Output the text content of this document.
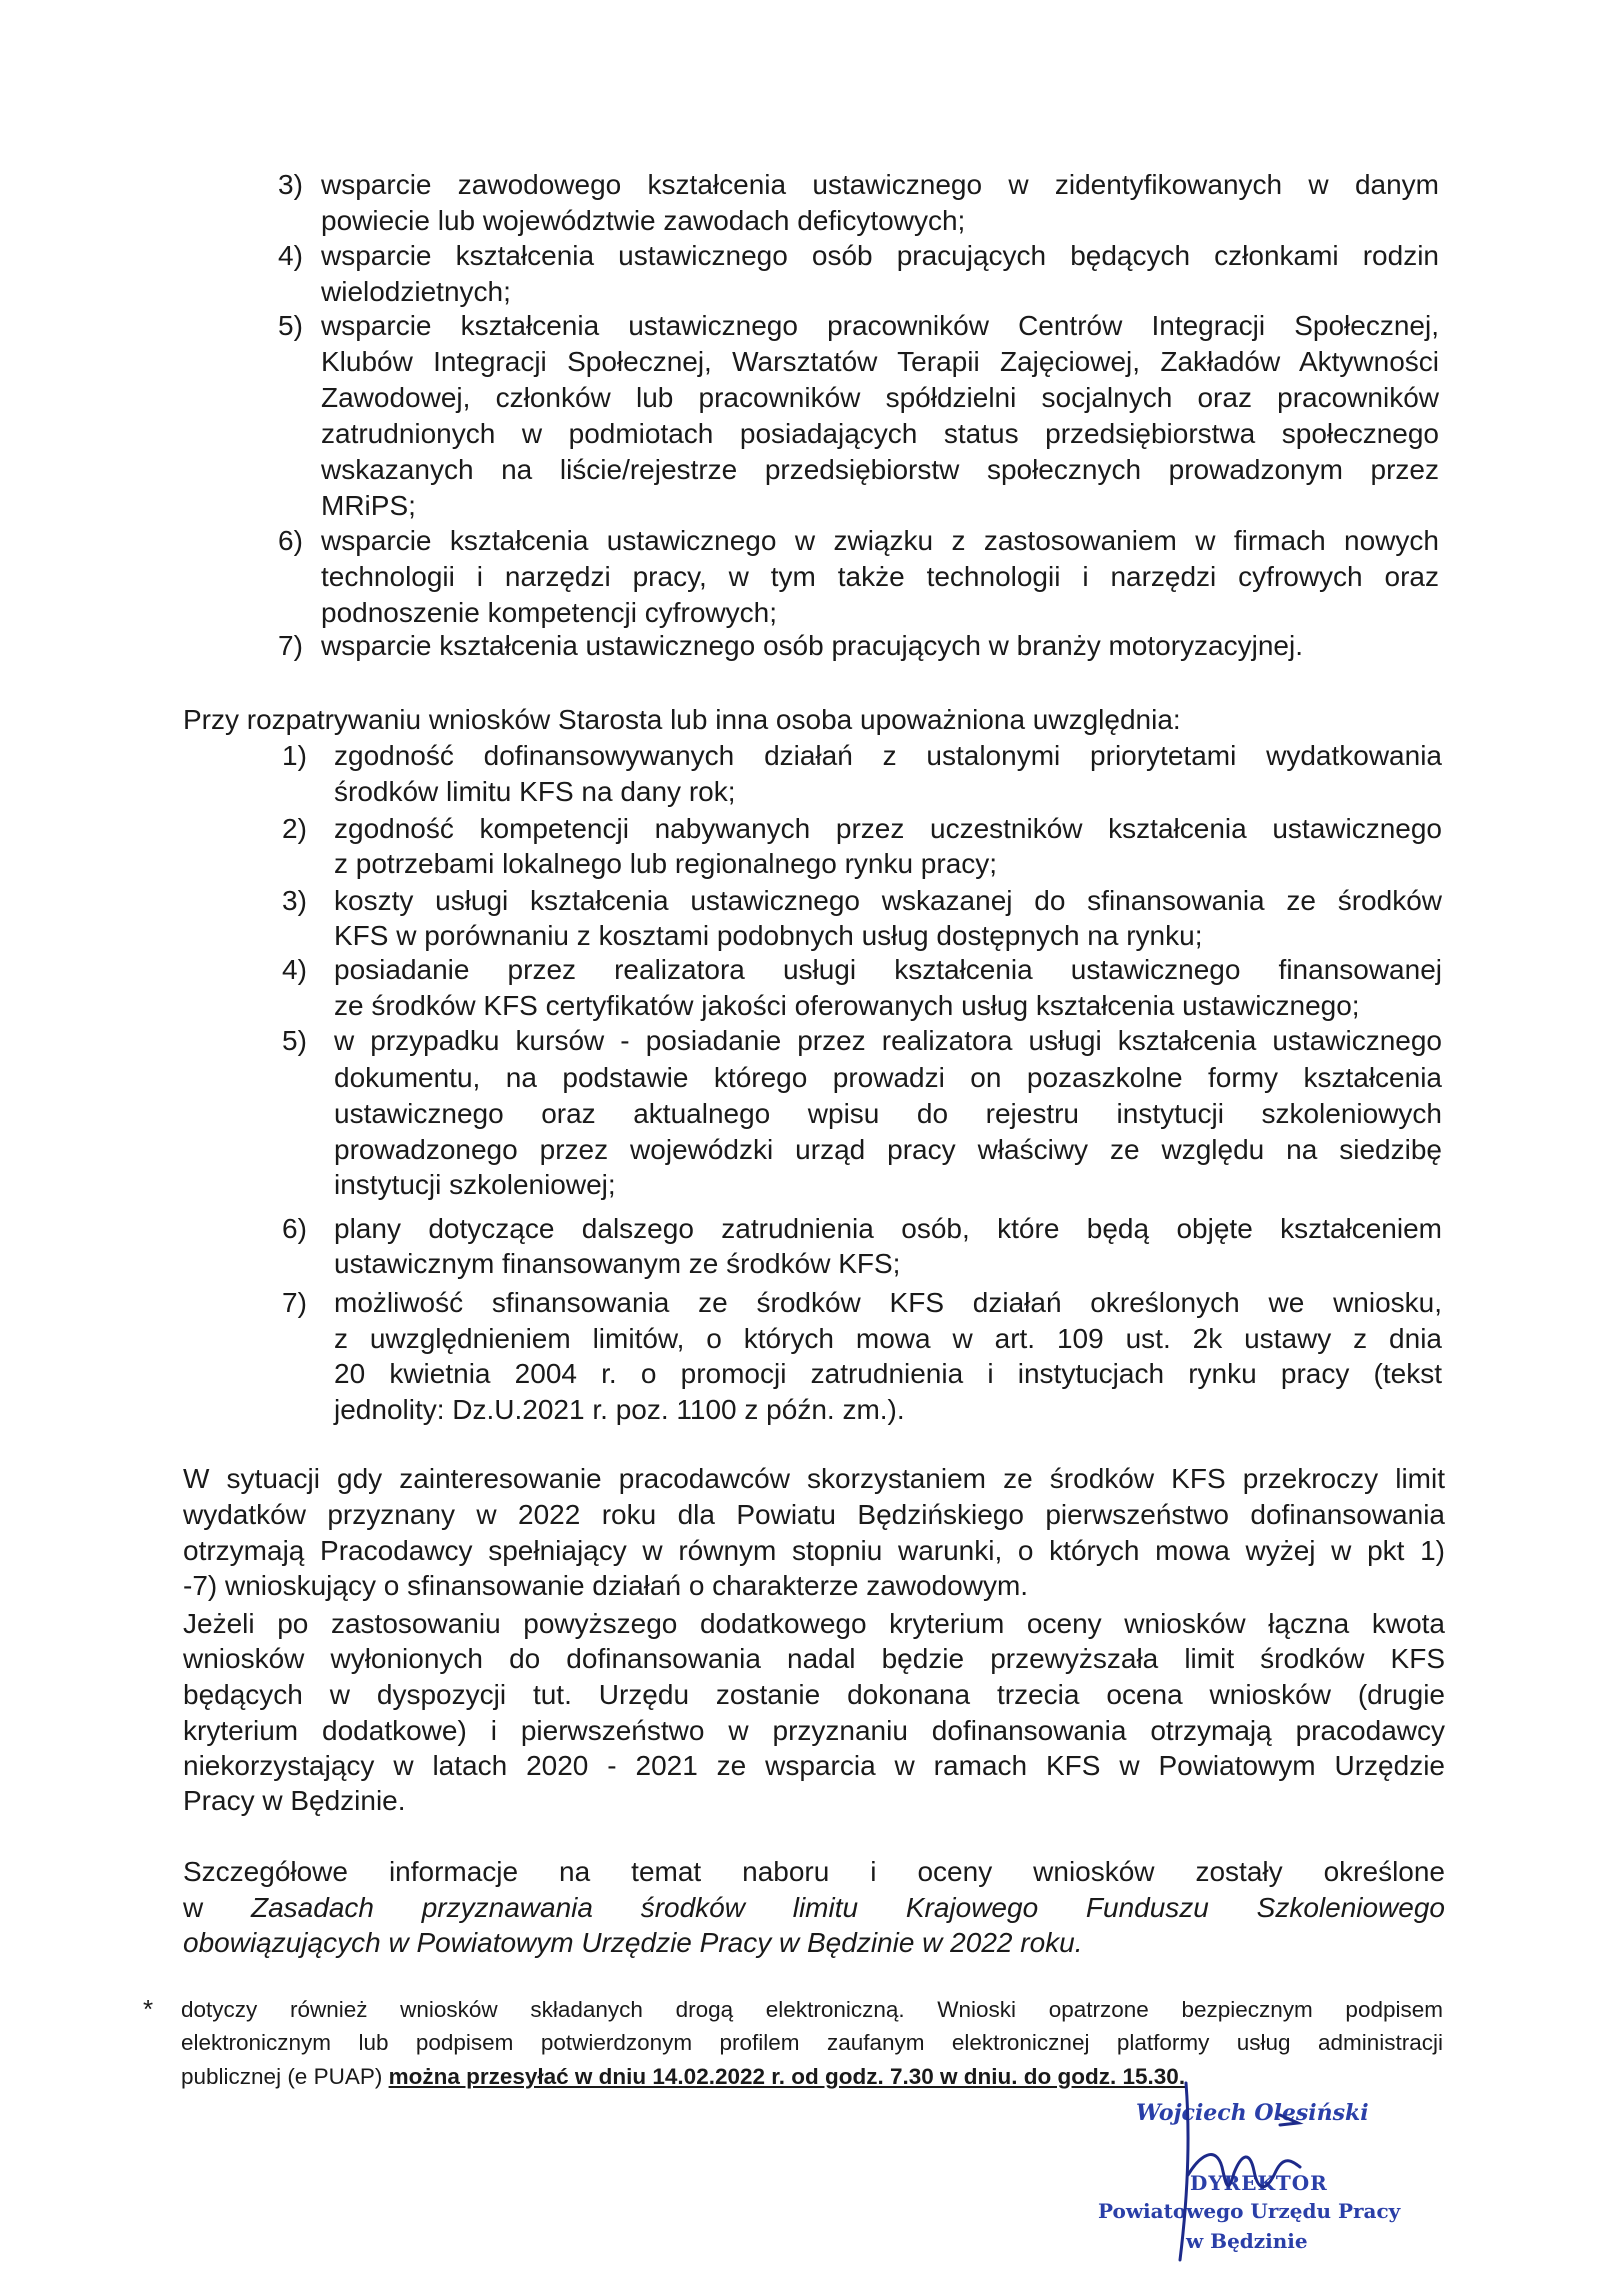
3) wsparcie zawodowego kształcenia ustawicznego w zidentyfikowanych w danym
powiecie lub województwie zawodach deficytowych;
4) wsparcie kształcenia ustawicznego osób pracujących będących członkami rodzin
wielodzietnych;
5) wsparcie kształcenia ustawicznego pracowników Centrów Integracji Społecznej,
Klubów Integracji Społecznej, Warsztatów Terapii Zajęciowej, Zakładów Aktywności
Zawodowej, członków lub pracowników spółdzielni socjalnych oraz pracowników
zatrudnionych w podmiotach posiadających status przedsiębiorstwa społecznego
wskazanych na liście/rejestrze przedsiębiorstw społecznych prowadzonym przez
MRiPS;
6) wsparcie kształcenia ustawicznego w związku z zastosowaniem w firmach nowych
technologii i narzędzi pracy, w tym także technologii i narzędzi cyfrowych oraz
podnoszenie kompetencji cyfrowych;
7) wsparcie kształcenia ustawicznego osób pracujących w branży motoryzacyjnej.
Przy rozpatrywaniu wniosków Starosta lub inna osoba upoważniona uwzględnia:
1) zgodność dofinansowywanych działań z ustalonymi priorytetami wydatkowania
środków limitu KFS na dany rok;
2) zgodność kompetencji nabywanych przez uczestników kształcenia ustawicznego
z potrzebami lokalnego lub regionalnego rynku pracy;
3) koszty usługi kształcenia ustawicznego wskazanej do sfinansowania ze środków
KFS w porównaniu z kosztami podobnych usług dostępnych na rynku;
4) posiadanie przez realizatora usługi kształcenia ustawicznego finansowanej
ze środków KFS certyfikatów jakości oferowanych usług kształcenia ustawicznego;
5) w przypadku kursów - posiadanie przez realizatora usługi kształcenia ustawicznego
dokumentu, na podstawie którego prowadzi on pozaszkolne formy kształcenia
ustawicznego oraz aktualnego wpisu do rejestru instytucji szkoleniowych
prowadzonego przez wojewódzki urząd pracy właściwy ze względu na siedzibę
instytucji szkoleniowej;
6) plany dotyczące dalszego zatrudnienia osób, które będą objęte kształceniem
ustawicznym finansowanym ze środków KFS;
7) możliwość sfinansowania ze środków KFS działań określonych we wniosku,
z uwzględnieniem limitów, o których mowa w art. 109 ust. 2k ustawy z dnia
20 kwietnia 2004 r. o promocji zatrudnienia i instytucjach rynku pracy (tekst
jednolity: Dz.U.2021 r. poz. 1100 z późn. zm.).
W sytuacji gdy zainteresowanie pracodawców skorzystaniem ze środków KFS przekroczy limit
wydatków przyznany w 2022 roku dla Powiatu Będzińskiego pierwszeństwo dofinansowania
otrzymają Pracodawcy spełniający w równym stopniu warunki, o których mowa wyżej w pkt 1)
-7) wnioskujący o sfinansowanie działań o charakterze zawodowym.
Jeżeli po zastosowaniu powyższego dodatkowego kryterium oceny wniosków łączna kwota
wniosków wyłonionych do dofinansowania nadal będzie przewyższała limit środków KFS
będących w dyspozycji tut. Urzędu zostanie dokonana trzecia ocena wniosków (drugie
kryterium dodatkowe) i pierwszeństwo w przyznaniu dofinansowania otrzymają pracodawcy
niekorzystający w latach 2020 - 2021 ze wsparcia w ramach KFS w Powiatowym Urzędzie
Pracy w Będzinie.
Szczegółowe informacje na temat naboru i oceny wniosków zostały określone
w Zasadach przyznawania środków limitu Krajowego Funduszu Szkoleniowego
obowiązujących w Powiatowym Urzędzie Pracy w Będzinie w 2022 roku.
* dotyczy również wniosków składanych drogą elektroniczną. Wnioski opatrzone bezpiecznym podpisem
elektronicznym lub podpisem potwierdzonym profilem zaufanym elektronicznej platformy usług administracji
publicznej (e PUAP) można przesyłać w dniu 14.02.2022 r. od godz. 7.30 w dniu. do godz. 15.30.
Wojciech Olesiński
DYREKTOR
Powiatowego Urzędu Pracy
w Będzinie
